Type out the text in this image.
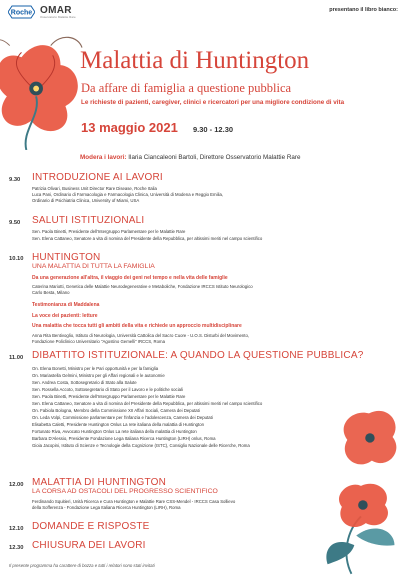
Roche OMAR
Osservatorio Malattie Rare
presentano il libro bianco:
Malattia di Huntington
Da affare di famiglia a questione pubblica
Le richieste di pazienti, caregiver, clinici e ricercatori per una migliore condizione di vita
13 maggio 2021 9.30 - 12.30
Modera i lavori: Ilaria Ciancaleoni Bartoli, Direttore Osservatorio Malattie Rare
9.30 INTRODUZIONE AI LAVORI
Patrizia Olivari, Business Unit Director Rare Disease, Roche Italia
Luca Pani, Ordinario di Farmacologia e Farmacologia Clinica, Università di Modena e Reggio Emilia,
Ordinario di Psichiatria Clinica, University of Miami, USA
9.50 SALUTI ISTITUZIONALI
Sen. Paola Binetti, Presidente dell'Intergruppo Parlamentare per le Malattie Rare
Sen. Elena Cattaneo, Senatore a vita di nomina del Presidente della Repubblica, per altissimi meriti nel campo scientifico
10.10 HUNTINGTON
UNA MALATTIA DI TUTTA LA FAMIGLIA
Da una generazione all'altra, il viaggio dei geni nel tempo e nella vita delle famiglie
Caterina Mariotti, Genetica delle Malattie Neurodegenerative e Metaboliche, Fondazione IRCCS Istituto Neurologico
Carlo Besta, Milano
Testimonianza di Maddalena
La voce dei pazienti: letture
Una malattia che tocca tutti gli ambiti della vita e richiede un approccio multidisciplinare
Anna Rita Bentivoglio, Istituto di Neurologia, Università Cattolica del Sacro Cuore - U.O.S. Disturbi del Movimento,
Fondazione Policlinico Universitario "Agostino Gemelli" IRCCS, Roma
11.00 DIBATTITO ISTITUZIONALE: A QUANDO LA QUESTIONE PUBBLICA?
On. Elena Bonetti, Ministro per le Pari opportunità e per la famiglia
On. Mariastella Gelmini, Ministro per gli Affari regionali e le autonomie
Sen. Andrea Costa, Sottosegretario di Stato alla Salute
Sen. Rossella Accoto, Sottosegretario di Stato per il Lavoro e le politiche sociali
Sen. Paola Binetti, Presidente dell'Intergruppo Parlamentare per le Malattie Rare
Sen. Elena Cattaneo, Senatore a vita di nomina del Presidente della Repubblica, per altissimi meriti nel campo scientifico
On. Fabiola Bologna, Membro della Commissione XII Affari Sociali, Camera dei Deputati
On. Leda Volpi, Commissione parlamentare per l'infanzia e l'adolescenza, Camera dei Deputati
Elisabetta Caletti, Presidente Huntington Onlus La rete italiana della malattia di Huntington
Fortunato Riva, Avvocato Huntington Onlus La rete italiana della malattia di Huntington
Barbara D'Alessio, Presidente Fondazione Lega Italiana Ricerca Huntington (LIRH) onlus, Roma
Gioia Jacopini, Istituto di Scienze e Tecnologie della Cognizione (ISTC), Consiglio Nazionale delle Ricerche, Roma
12.00 MALATTIA DI HUNTINGTON
LA CORSA AD OSTACOLI DEL PROGRESSO SCIENTIFICO
Ferdinando Squitieri, Unità Ricerca e Cura Huntington e Malattie Rare CSS-Mendel - IRCCS Casa Sollievo
della Sofferenza - Fondazione Lega Italiana Ricerca Huntington (LIRH), Roma
12.10 DOMANDE E RISPOSTE
12.30 CHIUSURA DEI LAVORI
Il presente programma ha carattere di bozza e tutti i relatori sono stati invitati
